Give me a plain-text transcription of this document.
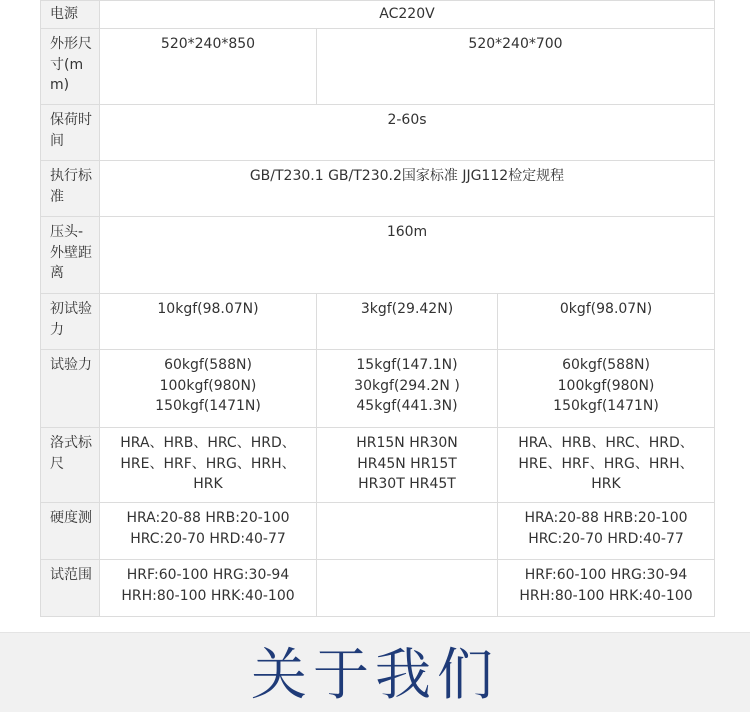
电源	AC220V		

外形尺寸(mm)	520*240*850	520*240*700	

保荷时间	2-60s		

执行标准	GB/T230.1 GB/T230.2国家标准 JJG112检定规程		

压头-外壁距离	160m		

初试验力	10kgf(98.07N)	3kgf(29.42N)	0kgf(98.07N)

试验力	60kgf(588N)
100kgf(980N)
150kgf(1471N)	15kgf(147.1N)
30kgf(294.2N )
45kgf(441.3N)	60kgf(588N)
100kgf(980N)
150kgf(1471N)

洛式标尺	HRA、HRB、HRC、HRD、
HRE、HRF、HRG、HRH、
HRK	HR15N HR30N
HR45N HR15T
HR30T HR45T	HRA、HRB、HRC、HRD、
HRE、HRF、HRG、HRH、
HRK

硬度测	HRA:20-88 HRB:20-100
HRC:20-70 HRD:40-77		HRA:20-88 HRB:20-100
HRC:20-70 HRD:40-77

试范围	HRF:60-100 HRG:30-94
HRH:80-100 HRK:40-100		HRF:60-100 HRG:30-94
HRH:80-100 HRK:40-100
关于我们
